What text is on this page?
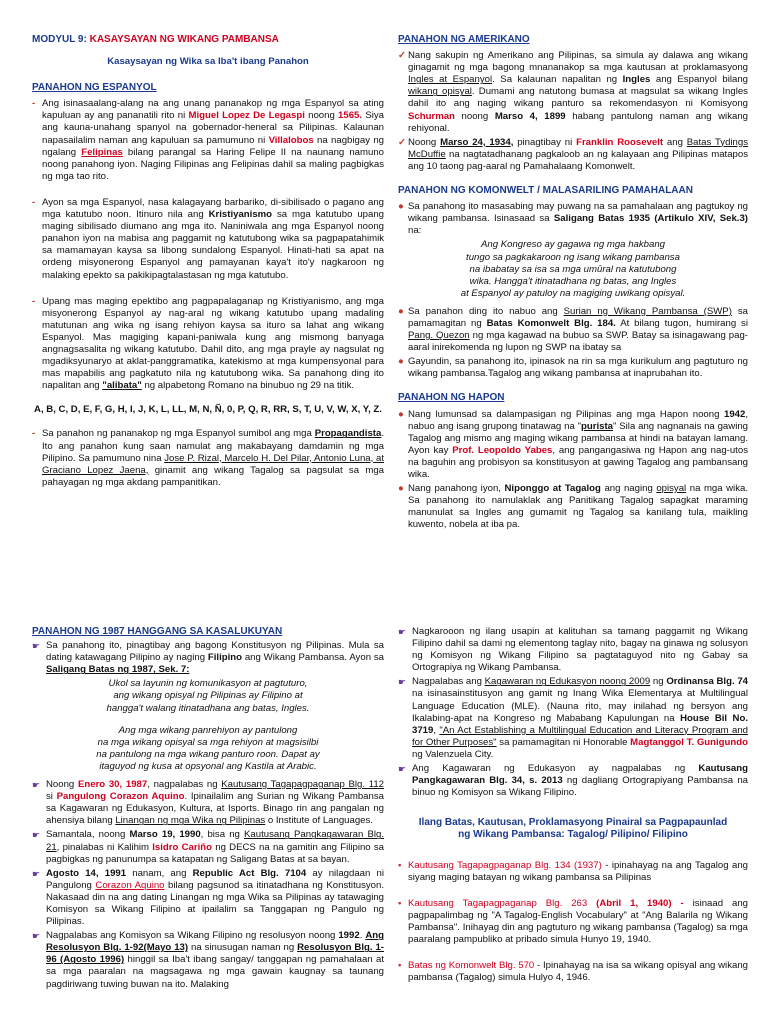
MODYUL 9: KASAYSAYAN NG WIKANG PAMBANSA
Kasaysayan ng Wika sa Iba't ibang Panahon
PANAHON NG ESPANYOL
- Ang isinasaalang-alang na ang unang pananakop ng mga Espanyol sa ating kapuluan ay ang pananatili rito ni Miguel Lopez De Legaspi noong 1565. Siya ang kauna-unahang spanyol na gobernador-heneral sa Pilipinas. Kalaunan napasailalim naman ang kapuluan sa pamumuno ni Villalobos na nagbigay ng ngalang Felipinas bilang parangal sa Haring Felipe II na naunang namuno noong panahong iyon. Naging Filipinas ang Felipinas dahil sa maling pagbigkas ng mga tao rito.
- Ayon sa mga Espanyol, nasa kalagayang barbariko, di-sibilisado o pagano ang mga katutubo noon. Itinuro nila ang Kristiyanismo sa mga katutubo upang maging sibilisado diumano ang mga ito. Naniniwala ang mga Espanyol noong panahon iyon na mabisa ang paggamit ng katutubong wika sa pagpapatahimik sa mamamayan kaysa sa libong sundalong Espanyol. Hinati-hati sa apat na ordeng misyonerong Espanyol ang pamayanan kaya't ito'y nagkaroon ng malaking epekto sa pakikipagtalastasan ng mga katutubo.
- Upang mas maging epektibo ang pagpapalaganap ng Kristiyanismo, ang mga misyonerong Espanyol ay nag-aral ng wikang katutubo upang madaling matutunan ang wika ng isang rehiyon kaysa sa ituro sa lahat ang wikang Espanyol. Mas magiging kapani-paniwala kung ang mismong banyaga angnagsasalita ng wikang katutubo. Dahil dito, ang mga prayle ay nagsulat ng mgadiksyunaryo at aklat-panggramatika, katekismo at mga kumpensyonal para mas mapabilis ang pagkatuto nila ng katutubong wika. Sa panahong ding ito napalitan ang "alibata" ng alpabetong Romano na binubuo ng 29 na titik.
A, B, C, D, E, F, G, H, I, J, K, L, LL, M, N, Ñ, 0, P, Q, R, RR, S, T, U, V, W, X, Y, Z.
- Sa panahon ng pananakop ng mga Espanyol sumibol ang mga Propagandista. Ito ang panahon kung saan namulat ang makabayang damdamin ng mga Pilipino. Sa pamumuno nina Jose P. Rizal, Marcelo H. Del Pilar, Antonio Luna, at Graciano Lopez Jaena, ginamit ang wikang Tagalog sa pagsulat sa mga pahayagan ng mga akdang pampanitikan.
PANAHON NG AMERIKANO
✓ Nang sakupin ng Amerikano ang Pilipinas, sa simula ay dalawa ang wikang ginagamit ng mga bagong mnananakop sa mga kautusan at proklamasyong Ingles at Espanyol. Sa kalaunan napalitan ng Ingles ang Espanyol bilang wikang opisyal. Dumami ang natutong bumasa at magsulat sa wikang Ingles dahil ito ang naging wikang panturo sa rekomendasyon ni Komisyong Schurman noong Marso 4, 1899 habang pantulong naman ang wikang rehiyonal.
✓ Noong Marso 24, 1934, pinagtibay ni Franklin Roosevelt ang Batas Tydings McDuffie na nagtatadhanang pagkaloob an ng kalayaan ang Pilipinas matapos ang 10 taong pag-aaral ng Pamahalaang Komonwelt.
PANAHON NG KOMONWELT / MALASARILING PAMAHALAAN
● Sa panahong ito masasabing may puwang na sa pamahalaan ang pagtukoy ng wikang pambansa. Isinasaad sa Saligang Batas 1935 (Artikulo XIV, Sek.3) na:
Ang Kongreso ay gagawa ng mga hakbang
tungo sa pagkakaroon ng isang wikang pambansa
na ibabatay sa isa sa mga umūral na katutubong
wika. Hangga't itinatadhana ng batas, ang Ingles
at Espanyol ay patuloy na magiging uwikang opisyal.
● Sa panahon ding ito nabuo ang Surian ng Wikang Pambansa (SWP) sa pamamagitan ng Batas Komonwelt Blg. 184. At bilang tugon, humirang si Pang. Quezon ng mga kagawad na bubuo sa SWP. Batay sa isinagawang pag-aaral inirekomenda ng lupon ng SWP na ibatay sa
● Gayundin, sa panahong ito, ipinasok na rin sa mga kurikulum ang pagtuturo ng wikang pambansa.Tagalog ang wikang pambansa at inaprubahan ito.
PANAHON NG HAPON
● Nang lumunsad sa dalampasigan ng Pilipinas ang mga Hapon noong 1942, nabuo ang isang grupong tinatawag na "purista" Sila ang nagnanais na gawing Tagalog ang mismo ang maging wikang pambansa at hindi na batayan lamang. Ayon kay Prof. Leopoldo Yabes, ang pangangasiwa ng Hapon ang nag-utos na baguhin ang probisyon sa konstitusyon at gawing Tagalog ang pambansang wika.
● Nang panahong iyon, Niponggo at Tagalog ang naging opisyal na mga wika. Sa panahong ito namulaklak ang Panitikang Tagalog sapagkat maraming manunulat sa Ingles ang gumamit ng Tagalog sa kanilang tula, maikling kuwento, nobela at iba pa.
PANAHON NG 1987 HANGGANG SA KASALUKUYAN
☛ Sa panahong ito, pinagtibay ang bagong Konstitusyon ng Pilipinas. Mula sa dating katawagang Pilipino ay naging Filipino ang Wikang Pambansa. Ayon sa Saligang Batas ng 1987, Sek. 7:
Ukol sa layunin ng komunikasyon at pagtuturo,
ang wikang opisyal ng Pilipinas ay Filipino at
hangga't walang itinatadhana ang batas, Ingles.
Ang mga wikang panrehiyon ay pantulong
na mga wikang opisyal sa mga rehiyon at magsisilbi
na pantulong na mga wikang panturo roon. Dapat ay
itaguyod ng kusa at opsyonal ang Kastila at Arabic.
☛ Noong Enero 30, 1987, nagpalabas ng Kautusang Tagapagpaganap Blg. 112 si Pangulong Corazon Aquino. Ipinailalim ang Surian ng Wikang Pambansa sa Kagawaran ng Edukasyon, Kultura, at Isports. Binago rin ang pangalan ng ahensiya bilang Linangan ng mga Wika ng Pilipinas o Institute of Languages.
☛ Samantala, noong Marso 19, 1990, bisa ng Kautusang Pangkagawaran Blg. 21, pinalabas ni Kalihim Isidro Cariño ng DECS na na gamitin ang Filipino sa pagbigkas ng panunumpa sa katapatan ng Saligang Batas at sa bayan.
☛ Agosto 14, 1991 nanam, ang Republic Act Blg. 7104 ay nilagdaan ni Pangulong Corazon Aquino bilang pagsunod sa itinatadhana ng Konstitusyon. Nakasaad din na ang dating Linangan ng mga Wika sa Pilipinas ay tatawaging Komisyon sa Wikang Filipino at ipailalim sa Tanggapan ng Pangulo ng Pilipinas.
☛ Nagpalabas ang Komisyon sa Wikang Filipino ng resolusyon noong 1992. Ang Resolusyon Blg. 1-92(Mayo 13) na sinusugan naman ng Resolusyon Blg. 1-96 (Agosto 1996) hinggil sa Iba't ibang sangay/ tanggapan ng pamahalaan at sa mga paaralan na magsagawa ng mga gawain kaugnay sa taunang pagdiriwang tuwing buwan na ito. Malaking
☛ Nagkarooon ng ilang usapin at kalituhan sa tamang paggamit ng Wikang Filipino dahil sa dami ng elementong taglay nito, bagay na ginawa ng solusyon ng Komisyon ng Wikang Filipino sa pagtataguyod nito ng Gabay sa Ortograpiya ng Wikang Pambansa.
☛ Nagpalabas ang Kagawaran ng Edukasyon noong 2009 ng Ordinansa Blg. 74 na isinasainstitusyon ang gamit ng Inang Wika Elementarya at Multilingual Language Education (MLE). (Nauna rito, may inilahad ng bersyon ang Ikalabing-apat na Kongreso ng Mababang Kapulungan na House Bil No. 3719, "An Act Establishing a Multilingual Education and Literacy Program and for Other Purposes" sa pamamagitan ni Honorable Magtanggol T. Gunigundo ng Valenzuela City.
☛ Ang Kagawaran ng Edukasyon ay nagpalabas ng Kautusang Pangkagawaran Blg. 34, s. 2013 ng dagliang Ortograpiyang Pambansa na binuo ng Komisyon sa Wikang Filipino.
Ilang Batas, Kautusan, Proklamasyong Pinairal sa Pagpapaunlad ng Wikang Pambansa: Tagalog/ Pilipino/ Filipino
• Kautusang Tagapagpaganap Blg. 134 (1937) - ipinahayag na ang Tagalog ang siyang maging batayan ng wikang pambansa sa Pilipinas
• Kautusang Tagapagpaganap Blg. 263 (Abril 1, 1940) - isinaad ang pagpapalimbag ng "A Tagalog-English Vocabulary" at "Ang Balarila ng Wikang Pambansa". Inihayag din ang pagtuturo ng wikang pambansa (Tagalog) sa mga paaralang pampubliko at pribado simula Hunyo 19, 1940.
• Batas ng Komonwelt Blg. 570 - Ipinahayag na isa sa wikang opisyal ang wikang pambansa (Tagalog) simula Hulyo 4, 1946.
